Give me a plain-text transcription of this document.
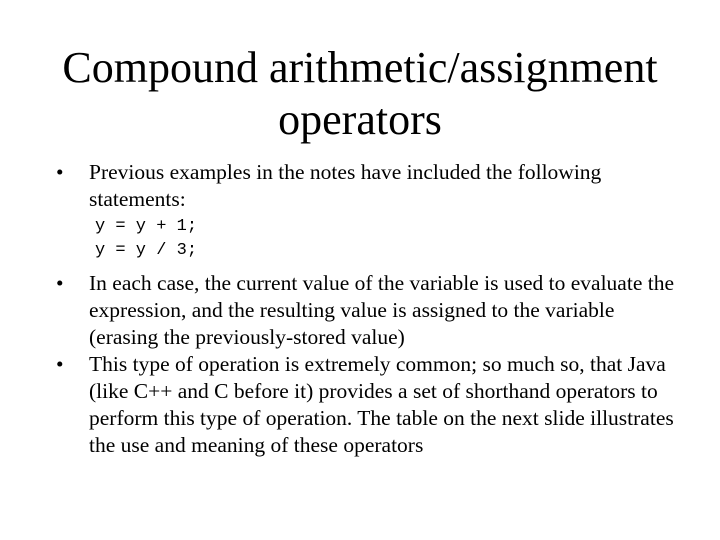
Compound arithmetic/assignment operators
•	Previous examples in the notes have included the following statements:
y = y + 1;
y = y / 3;
•	In each case, the current value of the variable is used to evaluate the expression, and the resulting value is assigned to the variable (erasing the previously-stored value)
•	This type of operation is extremely common; so much so, that Java (like C++ and C before it) provides a set of shorthand operators to perform this type of operation. The table on the next slide illustrates the use and meaning of these operators
